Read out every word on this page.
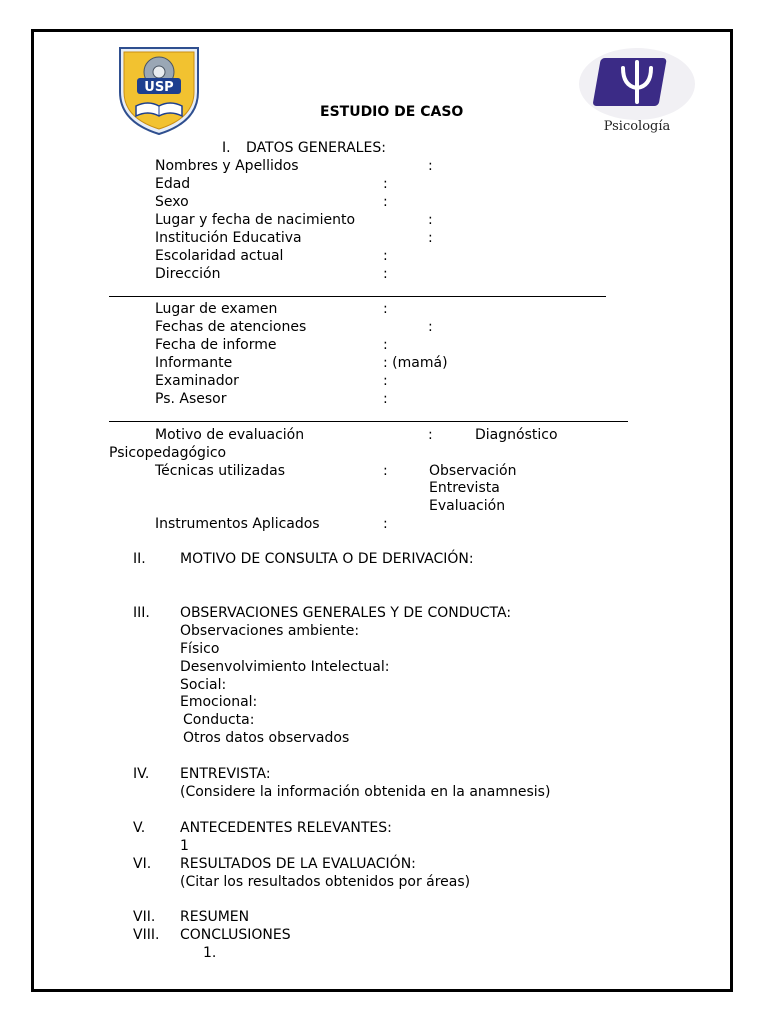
USP
Psicología
ESTUDIO DE CASO
I. DATOS GENERALES:
Nombres y Apellidos	:
Edad	:
Sexo	:
Lugar y fecha de nacimiento	:
Institución Educativa	:
Escolaridad actual	:
Dirección	:
Lugar de examen	:
Fechas de atenciones	:
Fecha de informe	:
Informante	: (mamá)
Examinador	:
Ps. Asesor	:
Motivo de evaluación	:	Diagnóstico
Psicopedagógico
Técnicas utilizadas	:	Observación
Entrevista
Evaluación
Instrumentos Aplicados	:
II. MOTIVO DE CONSULTA O DE DERIVACIÓN:
III. OBSERVACIONES GENERALES Y DE CONDUCTA:
Observaciones ambiente:
Físico
Desenvolvimiento Intelectual:
Social:
Emocional:
Conducta:
Otros datos observados
IV. ENTREVISTA:
(Considere la información obtenida en la anamnesis)
V. ANTECEDENTES RELEVANTES:
1
VI. RESULTADOS DE LA EVALUACIÓN:
(Citar los resultados obtenidos por áreas)
VII. RESUMEN
VIII. CONCLUSIONES
1.
